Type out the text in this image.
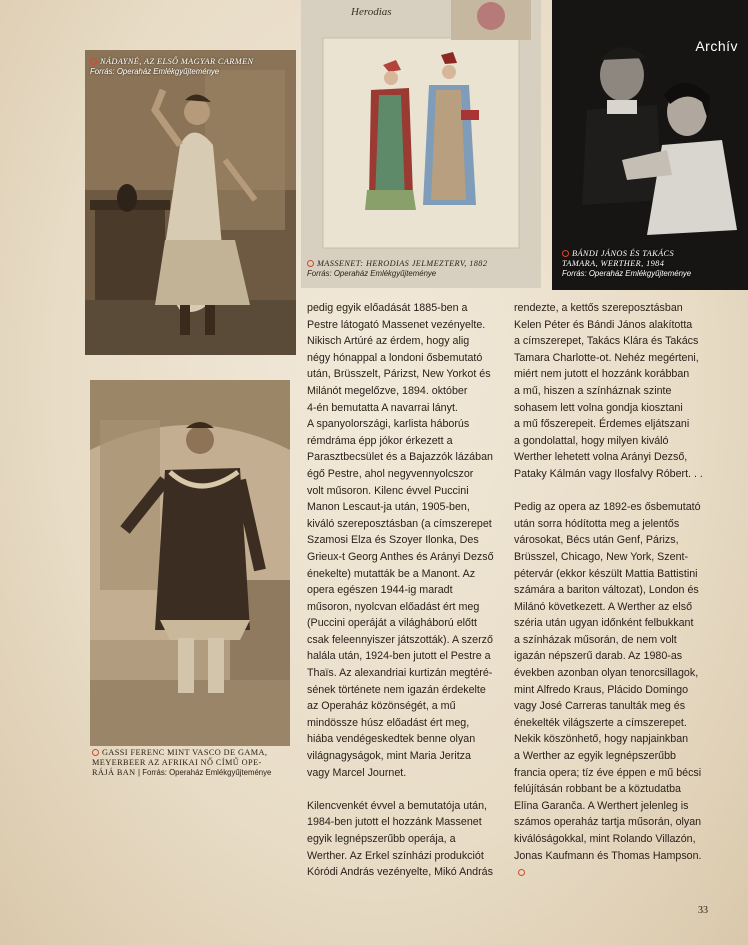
NÁDAYNÉ, AZ ELSŐ MAGYAR CARMEN
Forrás: Operaház Emlékgyűjteménye
Herodias
MASSENET: HERODIAS JELMEZTERV, 1882
Forrás: Operaház Emlékgyűjteménye
Archív
BÁNDI JÁNOS ÉS TAKÁCS
TAMARA, WERTHER, 1984
Forrás: Operaház Emlékgyűjteménye
GASSI FERENC MINT VASCO DE GAMA,
MEYERBEER AZ AFRIKAI NŐ CÍMŰ OPE-
RÁJÁ BAN | Forrás: Operaház Emlékgyűjteménye

pedig egyik előadását 1885-ben a

Pestre látogató Massenet vezényelte.

Nikisch Artúré az érdem, hogy alig

négy hónappal a londoni ősbemutató

után, Brüsszelt, Párizst, New Yorkot és

Milánót megelőzve, 1894. október

4-én bemutatta A navarrai lányt.

A spanyolországi, karlista háborús

rémdráma épp jókor érkezett a

Parasztbecsület és a Bajazzók lázában

égő Pestre, ahol negyvennyolcszor

volt műsoron. Kilenc évvel Puccini

Manon Lescaut-ja után, 1905-ben,

kiváló szereposztásban (a címszerepet

Szamosi Elza és Szoyer Ilonka, Des

Grieux-t Georg Anthes és Arányi Dezső

énekelte) mutatták be a Manont. Az

opera egészen 1944-ig maradt

műsoron, nyolcvan előadást ért meg

(Puccini operáját a világháború előtt

csak feleennyiszer játszották). A szerző

halála után, 1924-ben jutott el Pestre a

Thaïs. Az alexandriai kurtizán megtéré-

sének története nem igazán érdekelte

az Operaház közönségét, a mű

mindössze húsz előadást ért meg,

hiába vendégeskedtek benne olyan

világnagyságok, mint Maria Jeritza

vagy Marcel Journet.

Kilencvenkét évvel a bemutatója után,

1984-ben jutott el hozzánk Massenet

egyik legnépszerűbb operája, a

Werther. Az Erkel színházi produkciót

Kóródi András vezényelte, Mikó András

rendezte, a kettős szereposztásban

Kelen Péter és Bándi János alakította

a címszerepet, Takács Klára és Takács

Tamara Charlotte-ot. Nehéz megérteni,

miért nem jutott el hozzánk korábban

a mű, hiszen a színháznak szinte

sohasem lett volna gondja kiosztani

a mű főszerepeit. Érdemes eljátszani

a gondolattal, hogy milyen kiváló

Werther lehetett volna Arányi Dezső,

Pataky Kálmán vagy Ilosfalvy Róbert. . .

Pedig az opera az 1892-es ősbemutató

után sorra hódította meg a jelentős

városokat, Bécs után Genf, Párizs,

Brüsszel, Chicago, New York, Szent-

pétervár (ekkor készült Mattia Battistini

számára a bariton változat), London és

Milánó következett. A Werther az első

széria után ugyan időnként felbukkant

a színházak műsorán, de nem volt

igazán népszerű darab. Az 1980-as

években azonban olyan tenorcsillagok,

mint Alfredo Kraus, Plácido Domingo

vagy José Carreras tanulták meg és

énekelték világszerte a címszerepet.

Nekik köszönhető, hogy napjainkban

a Werther az egyik legnépszerűbb

francia opera; tíz éve éppen e mű bécsi

felújításán robbant be a köztudatba

Elīna Garanča. A Werthert jelenleg is

számos operaház tartja műsorán, olyan

kiválóságokkal, mint Rolando Villazón,

Jonas Kaufmann és Thomas Hampson.

33
